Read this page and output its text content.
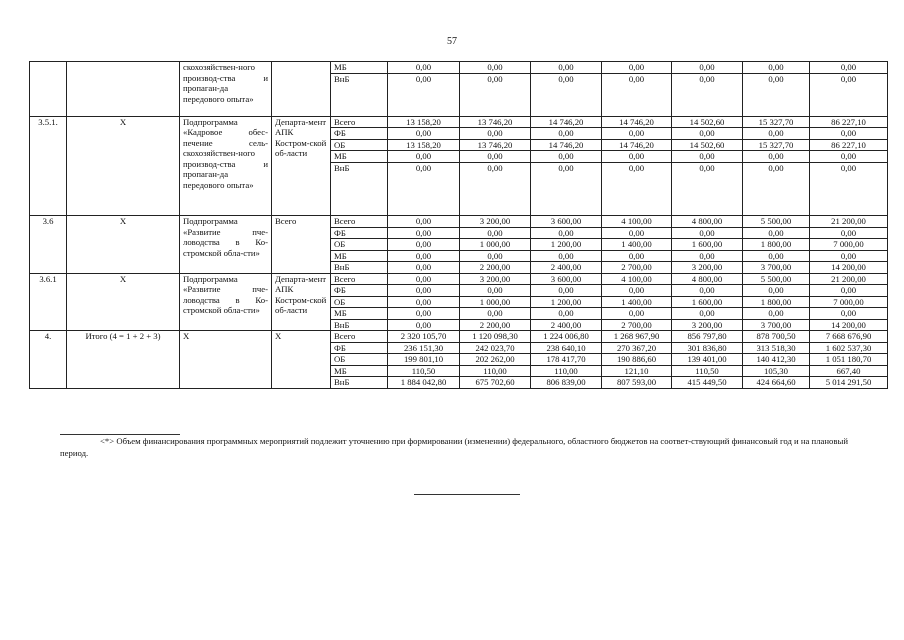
57
		скохозяйствен-ного производ-ства и пропаган-да передового опыта»		МБ	0,00	0,00	0,00	0,00	0,00	0,00	0,00
				ВнБ	0,00	0,00	0,00	0,00	0,00	0,00	0,00
3.5.1.	Х	Подпрограмма «Кадровое обес-печение сель-скохозяйствен-ного производ-ства и пропаган-да передового опыта»	Департа-мент АПК Костром-ской об-ласти	Всего	13 158,20	13 746,20	14 746,20	14 746,20	14 502,60	15 327,70	86 227,10
				ФБ	0,00	0,00	0,00	0,00	0,00	0,00	0,00
				ОБ	13 158,20	13 746,20	14 746,20	14 746,20	14 502,60	15 327,70	86 227,10
				МБ	0,00	0,00	0,00	0,00	0,00	0,00	0,00
				ВнБ	0,00	0,00	0,00	0,00	0,00	0,00	0,00
3.6	Х	Подпрограмма «Развитие пче-ловодства в Ко-стромской обла-сти»	Всего	Всего	0,00	3 200,00	3 600,00	4 100,00	4 800,00	5 500,00	21 200,00
				ФБ	0,00	0,00	0,00	0,00	0,00	0,00	0,00
				ОБ	0,00	1 000,00	1 200,00	1 400,00	1 600,00	1 800,00	7 000,00
				МБ	0,00	0,00	0,00	0,00	0,00	0,00	0,00
				ВнБ	0,00	2 200,00	2 400,00	2 700,00	3 200,00	3 700,00	14 200,00
3.6.1	Х	Подпрограмма «Развитие пче-ловодства в Ко-стромской обла-сти»	Департа-мент АПК Костром-ской об-ласти	Всего	0,00	3 200,00	3 600,00	4 100,00	4 800,00	5 500,00	21 200,00
				ФБ	0,00	0,00	0,00	0,00	0,00	0,00	0,00
				ОБ	0,00	1 000,00	1 200,00	1 400,00	1 600,00	1 800,00	7 000,00
				МБ	0,00	0,00	0,00	0,00	0,00	0,00	0,00
				ВнБ	0,00	2 200,00	2 400,00	2 700,00	3 200,00	3 700,00	14 200,00
4.	Итого (4 = 1 + 2 + 3)	Х	Х	Всего	2 320 105,70	1 120 098,30	1 224 006,80	1 268 967,90	856 797,80	878 700,50	7 668 676,90
				ФБ	236 151,30	242 023,70	238 640,10	270 367,20	301 836,80	313 518,30	1 602 537,30
				ОБ	199 801,10	202 262,00	178 417,70	190 886,60	139 401,00	140 412,30	1 051 180,70
				МБ	110,50	110,00	110,00	121,10	110,50	105,30	667,40
				ВнБ	1 884 042,80	675 702,60	806 839,00	807 593,00	415 449,50	424 664,60	5 014 291,50
<*> Объем финансирования программных мероприятий подлежит уточнению при формировании (изменении) федерального, областного бюджетов на соответ-ствующий финансовый год и на плановый период.
